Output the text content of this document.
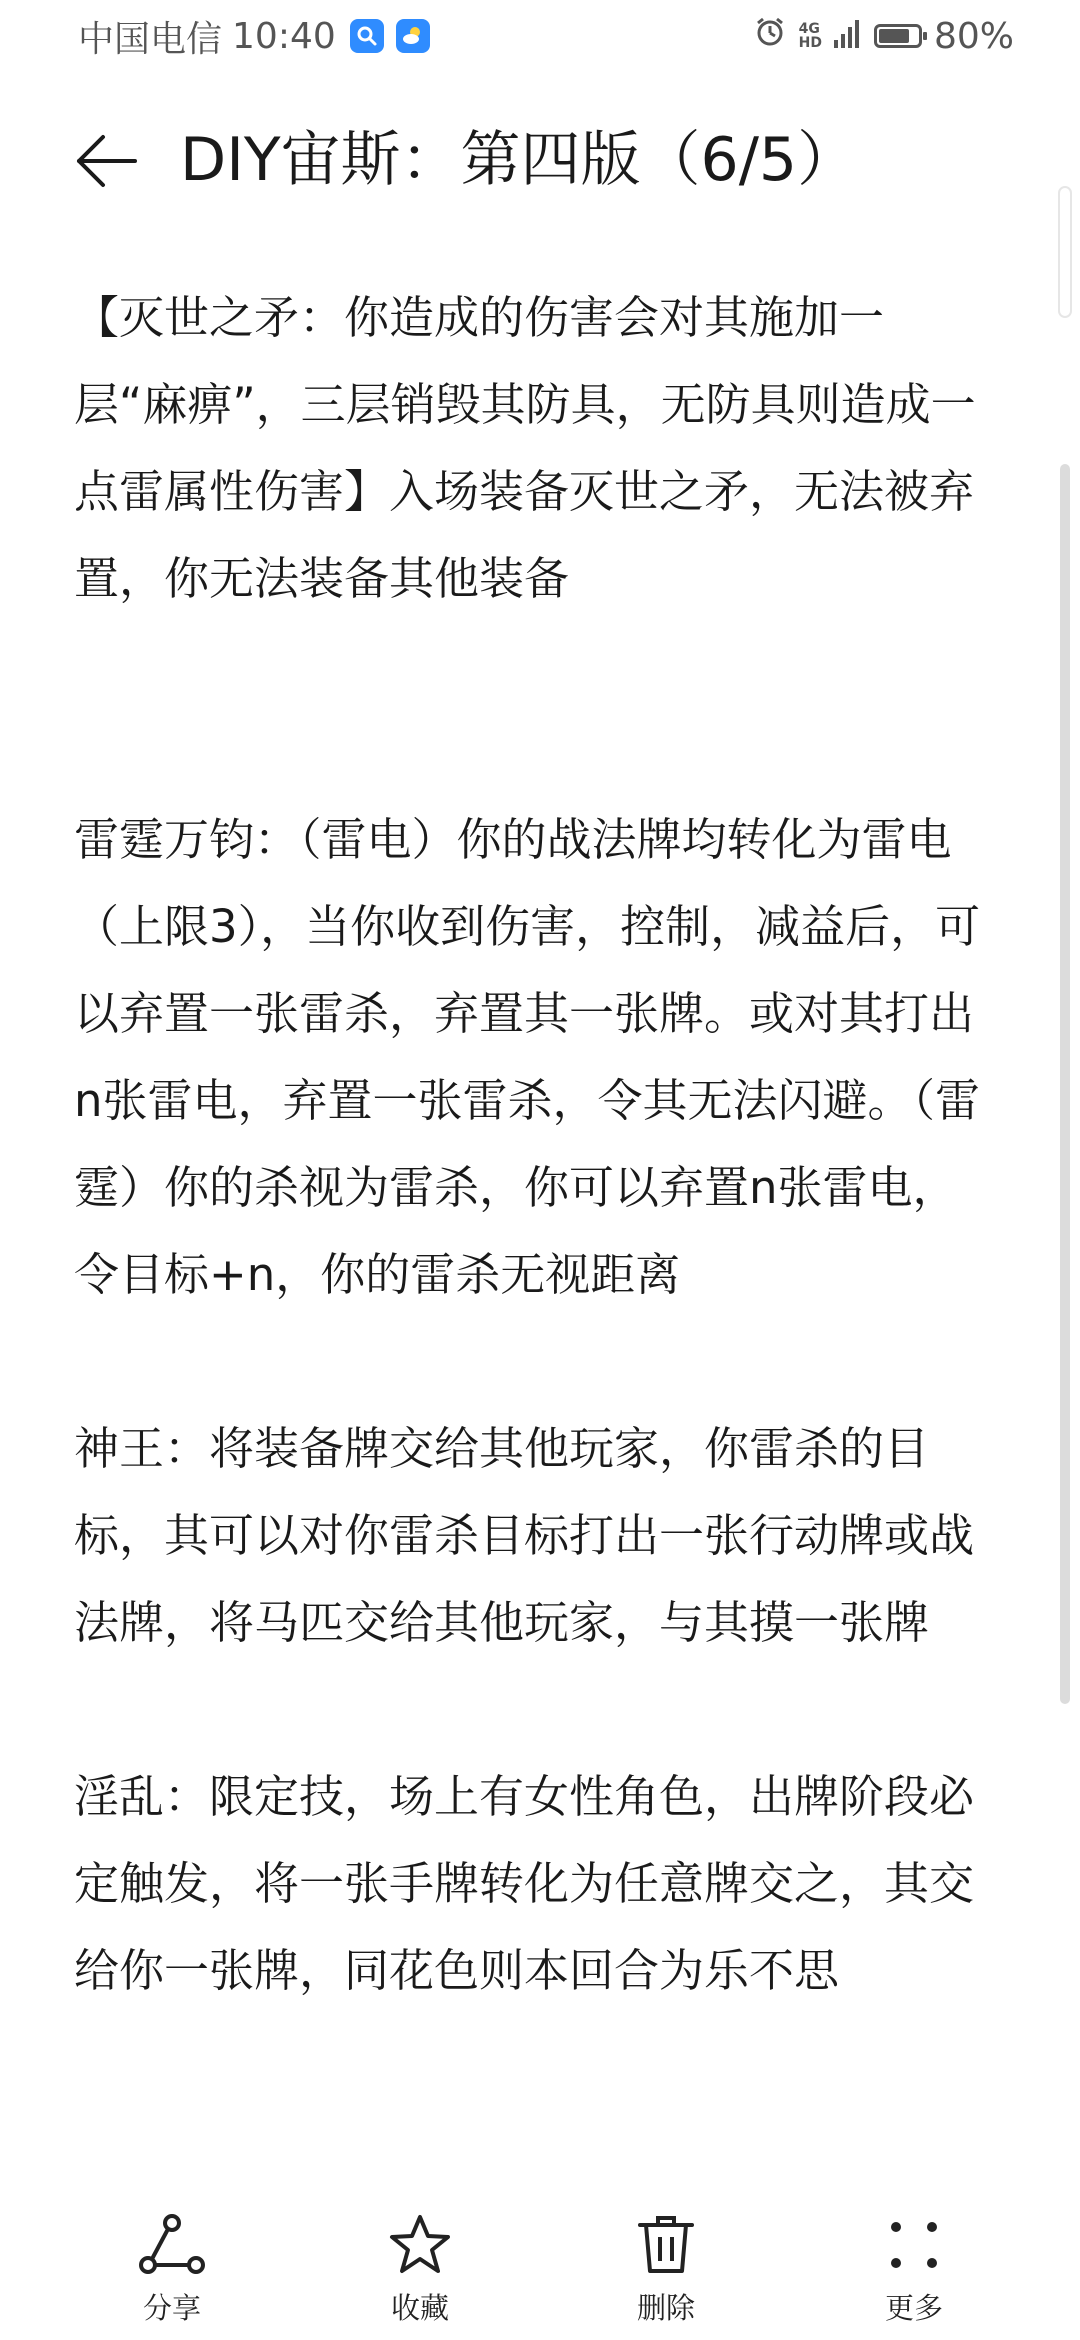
中国电信 10:40	4G
HD	80%
DIY宙斯：第四版（6/5）

【灭世之矛：你造成的伤害会对其施加一层“麻痹”，三层销毁其防具，无防具则造成一点雷属性伤害】入场装备灭世之矛，无法被弃置，你无法装备其他装备

雷霆万钧：（雷电）你的战法牌均转化为雷电（上限3），当你收到伤害，控制，减益后，可以弃置一张雷杀，弃置其一张牌。或对其打出n张雷电，弃置一张雷杀，令其无法闪避。（雷霆）你的杀视为雷杀，你可以弃置n张雷电，令目标+n，你的雷杀无视距离

神王：将装备牌交给其他玩家，你雷杀的目标，其可以对你雷杀目标打出一张行动牌或战法牌，将马匹交给其他玩家，与其摸一张牌

淫乱：限定技，场上有女性角色，出牌阶段必定触发，将一张手牌转化为任意牌交之，其交给你一张牌，同花色则本回合为乐不思

分享	收藏	删除	更多
